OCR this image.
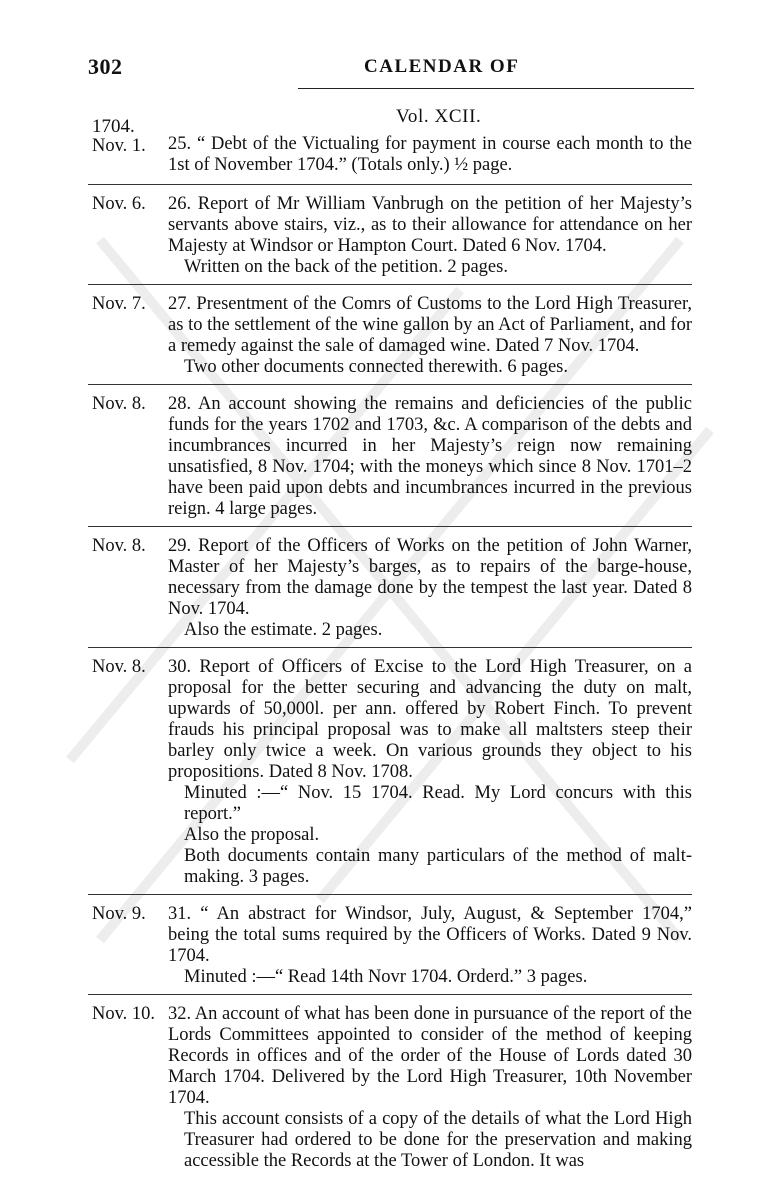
302	CALENDAR OF
Vol. XCII.
1704.
Nov. 1. 25. “ Debt of the Victualing for payment in course each month to the 1st of November 1704.” (Totals only.) ½ page.

Nov. 6. 26. Report of Mr William Vanbrugh on the petition of her Majesty’s servants above stairs, viz., as to their allowance for attendance on her Majesty at Windsor or Hampton Court. Dated 6 Nov. 1704.

Written on the back of the petition. 2 pages.

Nov. 7. 27. Presentment of the Comrs of Customs to the Lord High Treasurer, as to the settlement of the wine gallon by an Act of Parliament, and for a remedy against the sale of damaged wine. Dated 7 Nov. 1704.

Two other documents connected therewith. 6 pages.

Nov. 8. 28. An account showing the remains and deficiencies of the public funds for the years 1702 and 1703, &c. A comparison of the debts and incumbrances incurred in her Majesty’s reign now remaining unsatisfied, 8 Nov. 1704; with the moneys which since 8 Nov. 1701–2 have been paid upon debts and incumbrances incurred in the previous reign. 4 large pages.

Nov. 8. 29. Report of the Officers of Works on the petition of John Warner, Master of her Majesty’s barges, as to repairs of the barge-house, necessary from the damage done by the tempest the last year. Dated 8 Nov. 1704.

Also the estimate. 2 pages.

Nov. 8. 30. Report of Officers of Excise to the Lord High Treasurer, on a proposal for the better securing and advancing the duty on malt, upwards of 50,000l. per ann. offered by Robert Finch. To prevent frauds his principal proposal was to make all maltsters steep their barley only twice a week. On various grounds they object to his propositions. Dated 8 Nov. 1708.

Minuted :—“ Nov. 15 1704. Read. My Lord concurs with this report.”

Also the proposal.

Both documents contain many particulars of the method of malt-making. 3 pages.

Nov. 9. 31. “ An abstract for Windsor, July, August, & September 1704,” being the total sums required by the Officers of Works. Dated 9 Nov. 1704.

Minuted :—“ Read 14th Novr 1704. Orderd.” 3 pages.

Nov. 10. 32. An account of what has been done in pursuance of the report of the Lords Committees appointed to consider of the method of keeping Records in offices and of the order of the House of Lords dated 30 March 1704. Delivered by the Lord High Treasurer, 10th November 1704.

This account consists of a copy of the details of what the Lord High Treasurer had ordered to be done for the preservation and making accessible the Records at the Tower of London. It was
